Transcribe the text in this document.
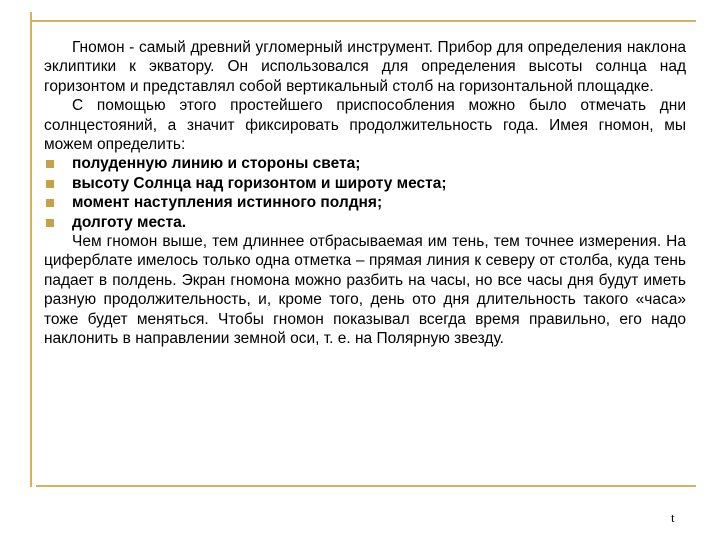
Гномон - самый древний угломерный инструмент. Прибор для определения наклона эклиптики к экватору. Он использовался для определения высоты солнца над горизонтом и представлял собой вертикальный столб на горизонтальной площадке.

С помощью этого простейшего приспособления можно было отмечать дни солнцестояний, а значит фиксировать продолжительность года. Имея гномон, мы можем определить:

полуденную линию и стороны света;
высоту Солнца над горизонтом и широту места;
момент наступления истинного полдня;
долготу места.

Чем гномон выше, тем длиннее отбрасываемая им тень, тем точнее измерения. На циферблате имелось только одна отметка – прямая линия к северу от столба, куда тень падает в полдень. Экран гномона можно разбить на часы, но все часы дня будут иметь разную продолжительность, и, кроме того, день ото дня длительность такого «часа» тоже будет меняться. Чтобы гномон показывал всегда время правильно, его надо наклонить в направлении земной оси, т. е. на Полярную звезду.

t
